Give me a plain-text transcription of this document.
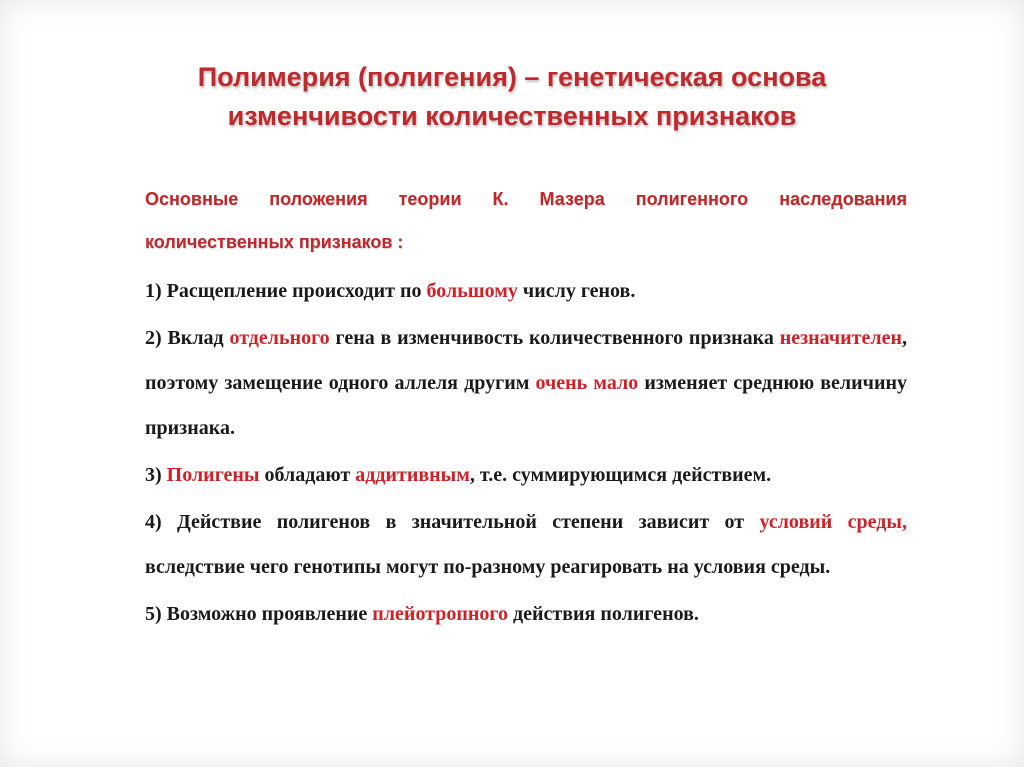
Полимерия (полигения) – генетическая основа
изменчивости количественных признаков
Основные положения теории К. Мазера полигенного наследования
количественных признаков :

1) Расщепление происходит по большому числу генов.

2) Вклад отдельного гена в изменчивость количественного признака незначителен, поэтому замещение одного аллеля другим очень мало изменяет среднюю величину признака.

3) Полигены обладают аддитивным, т.е. суммирующимся действием.

4) Действие полигенов в значительной степени зависит от условий среды, вследствие чего генотипы могут по-разному реагировать на условия среды.

5) Возможно проявление плейотропного действия полигенов.
